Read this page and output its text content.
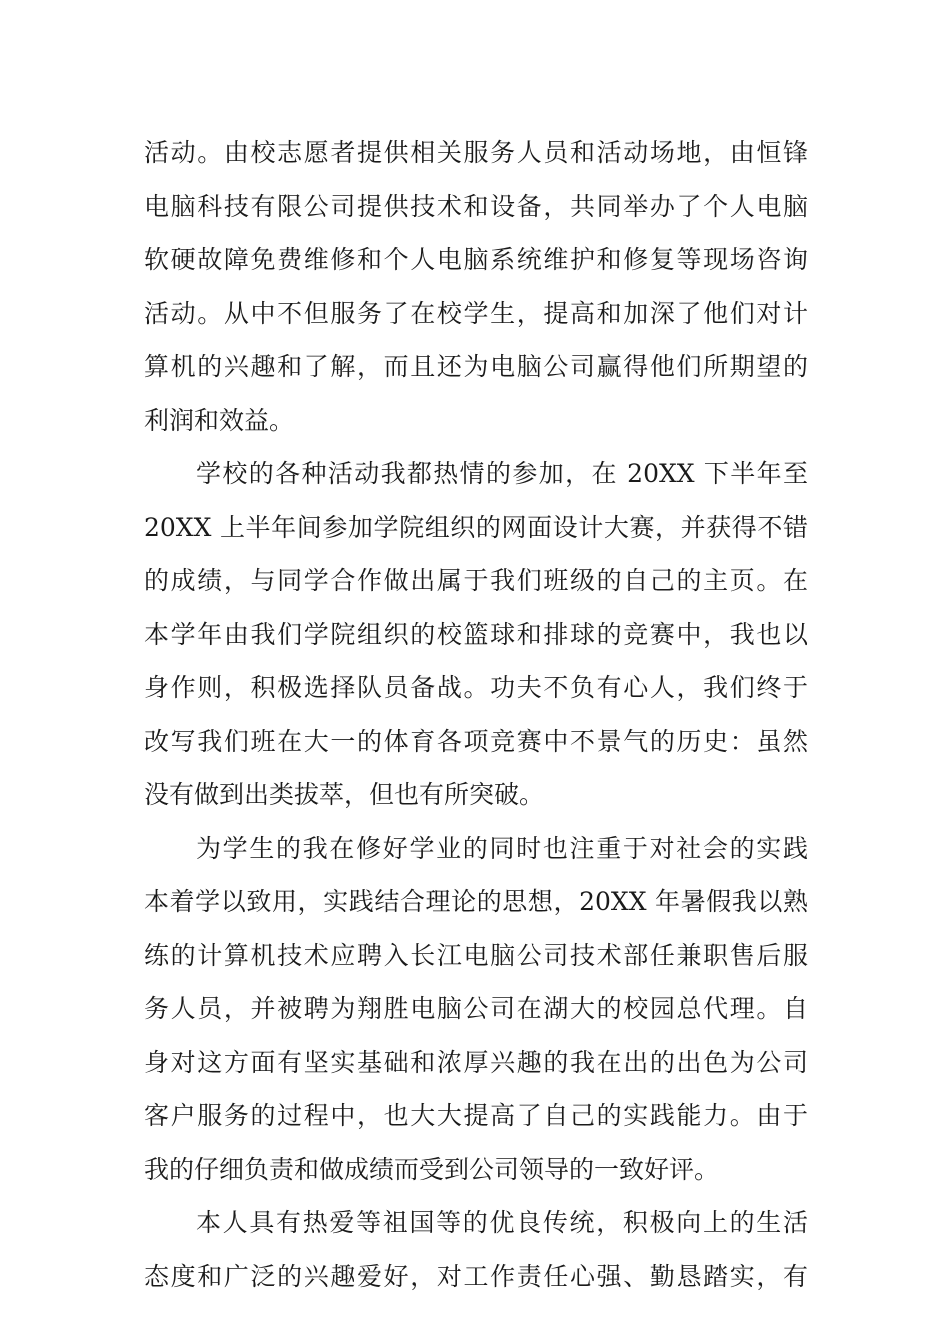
活动。由校志愿者提供相关服务人员和活动场地，由恒锋
电脑科技有限公司提供技术和设备，共同举办了个人电脑
软硬故障免费维修和个人电脑系统维护和修复等现场咨询
活动。从中不但服务了在校学生，提高和加深了他们对计
算机的兴趣和了解，而且还为电脑公司赢得他们所期望的
利润和效益。
学校的各种活动我都热情的参加，在 20XX 下半年至
20XX 上半年间参加学院组织的网面设计大赛，并获得不错
的成绩，与同学合作做出属于我们班级的自己的主页。在
本学年由我们学院组织的校篮球和排球的竞赛中，我也以
身作则，积极选择队员备战。功夫不负有心人，我们终于
改写我们班在大一的体育各项竞赛中不景气的历史：虽然
没有做到出类拔萃，但也有所突破。
为学生的我在修好学业的同时也注重于对社会的实践
本着学以致用，实践结合理论的思想，20XX 年暑假我以熟
练的计算机技术应聘入长江电脑公司技术部任兼职售后服
务人员，并被聘为翔胜电脑公司在湖大的校园总代理。自
身对这方面有坚实基础和浓厚兴趣的我在出的出色为公司
客户服务的过程中，也大大提高了自己的实践能力。由于
我的仔细负责和做成绩而受到公司领导的一致好评。
本人具有热爱等祖国等的优良传统，积极向上的生活
态度和广泛的兴趣爱好，对工作责任心强、勤恳踏实，有
